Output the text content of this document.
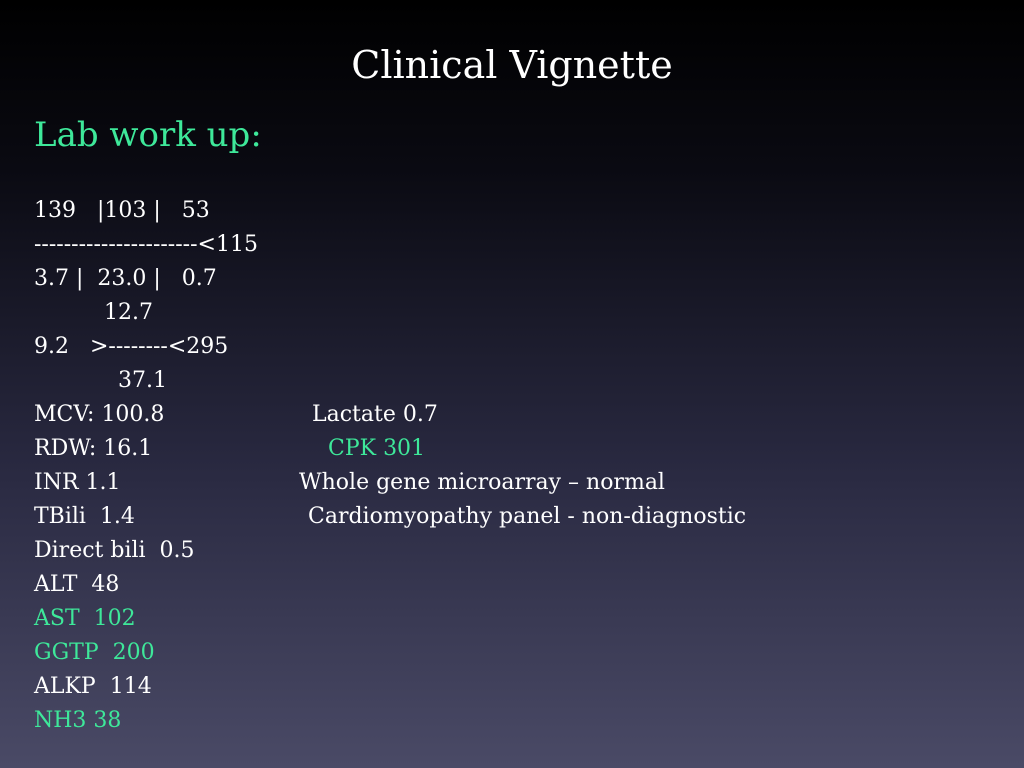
Clinical Vignette
Lab work up:
139   |103 |   53
----------------------<115
3.7 |  23.0 |   0.7
12.7
9.2   >--------<295
37.1
MCV: 100.8
RDW: 16.1
INR 1.1
TBili  1.4
Direct bili  0.5
ALT  48
AST  102
GGTP  200
ALKP  114
NH3 38
Lactate 0.7
CPK 301
Whole gene microarray – normal
Cardiomyopathy panel - non-diagnostic
